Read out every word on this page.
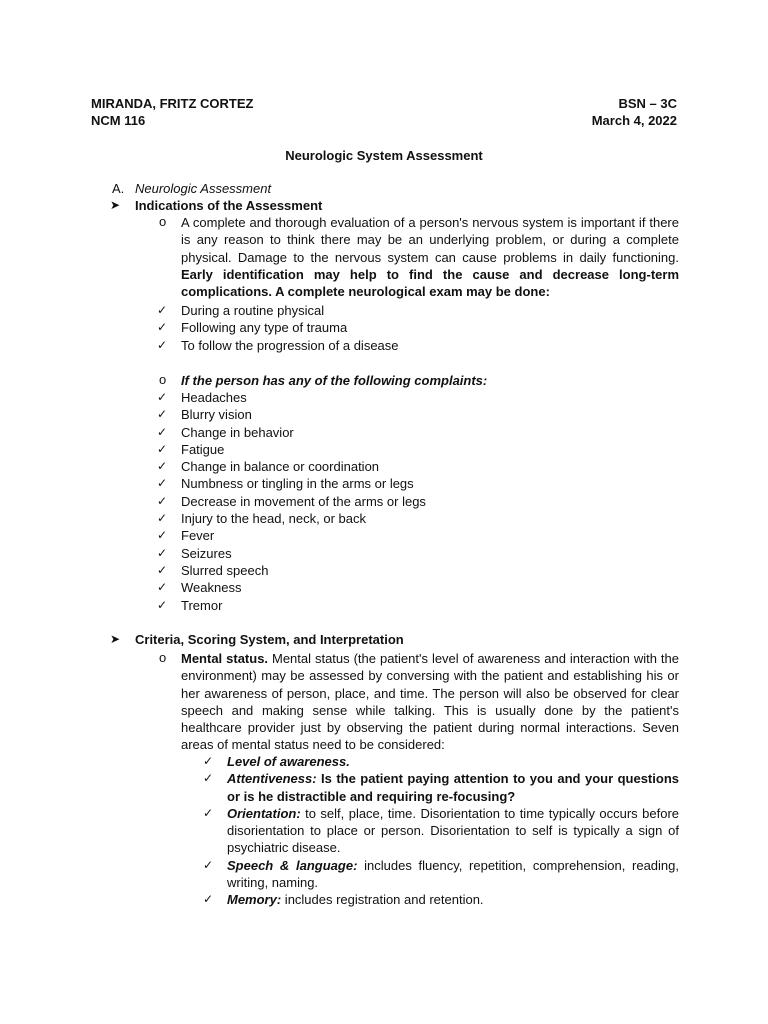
MIRANDA, FRITZ CORTEZ	BSN – 3C
NCM 116	March 4, 2022
Neurologic System Assessment
A. Neurologic Assessment
➤ Indications of the Assessment
o A complete and thorough evaluation of a person's nervous system is important if there is any reason to think there may be an underlying problem, or during a complete physical. Damage to the nervous system can cause problems in daily functioning. Early identification may help to find the cause and decrease long-term complications. A complete neurological exam may be done:
✓ During a routine physical
✓ Following any type of trauma
✓ To follow the progression of a disease
o If the person has any of the following complaints:
✓ Headaches
✓ Blurry vision
✓ Change in behavior
✓ Fatigue
✓ Change in balance or coordination
✓ Numbness or tingling in the arms or legs
✓ Decrease in movement of the arms or legs
✓ Injury to the head, neck, or back
✓ Fever
✓ Seizures
✓ Slurred speech
✓ Weakness
✓ Tremor
➤ Criteria, Scoring System, and Interpretation
o Mental status. Mental status (the patient's level of awareness and interaction with the environment) may be assessed by conversing with the patient and establishing his or her awareness of person, place, and time. The person will also be observed for clear speech and making sense while talking. This is usually done by the patient's healthcare provider just by observing the patient during normal interactions. Seven areas of mental status need to be considered:
✓ Level of awareness.
✓ Attentiveness: Is the patient paying attention to you and your questions or is he distractible and requiring re-focusing?
✓ Orientation: to self, place, time. Disorientation to time typically occurs before disorientation to place or person. Disorientation to self is typically a sign of psychiatric disease.
✓ Speech & language: includes fluency, repetition, comprehension, reading, writing, naming.
✓ Memory: includes registration and retention.
